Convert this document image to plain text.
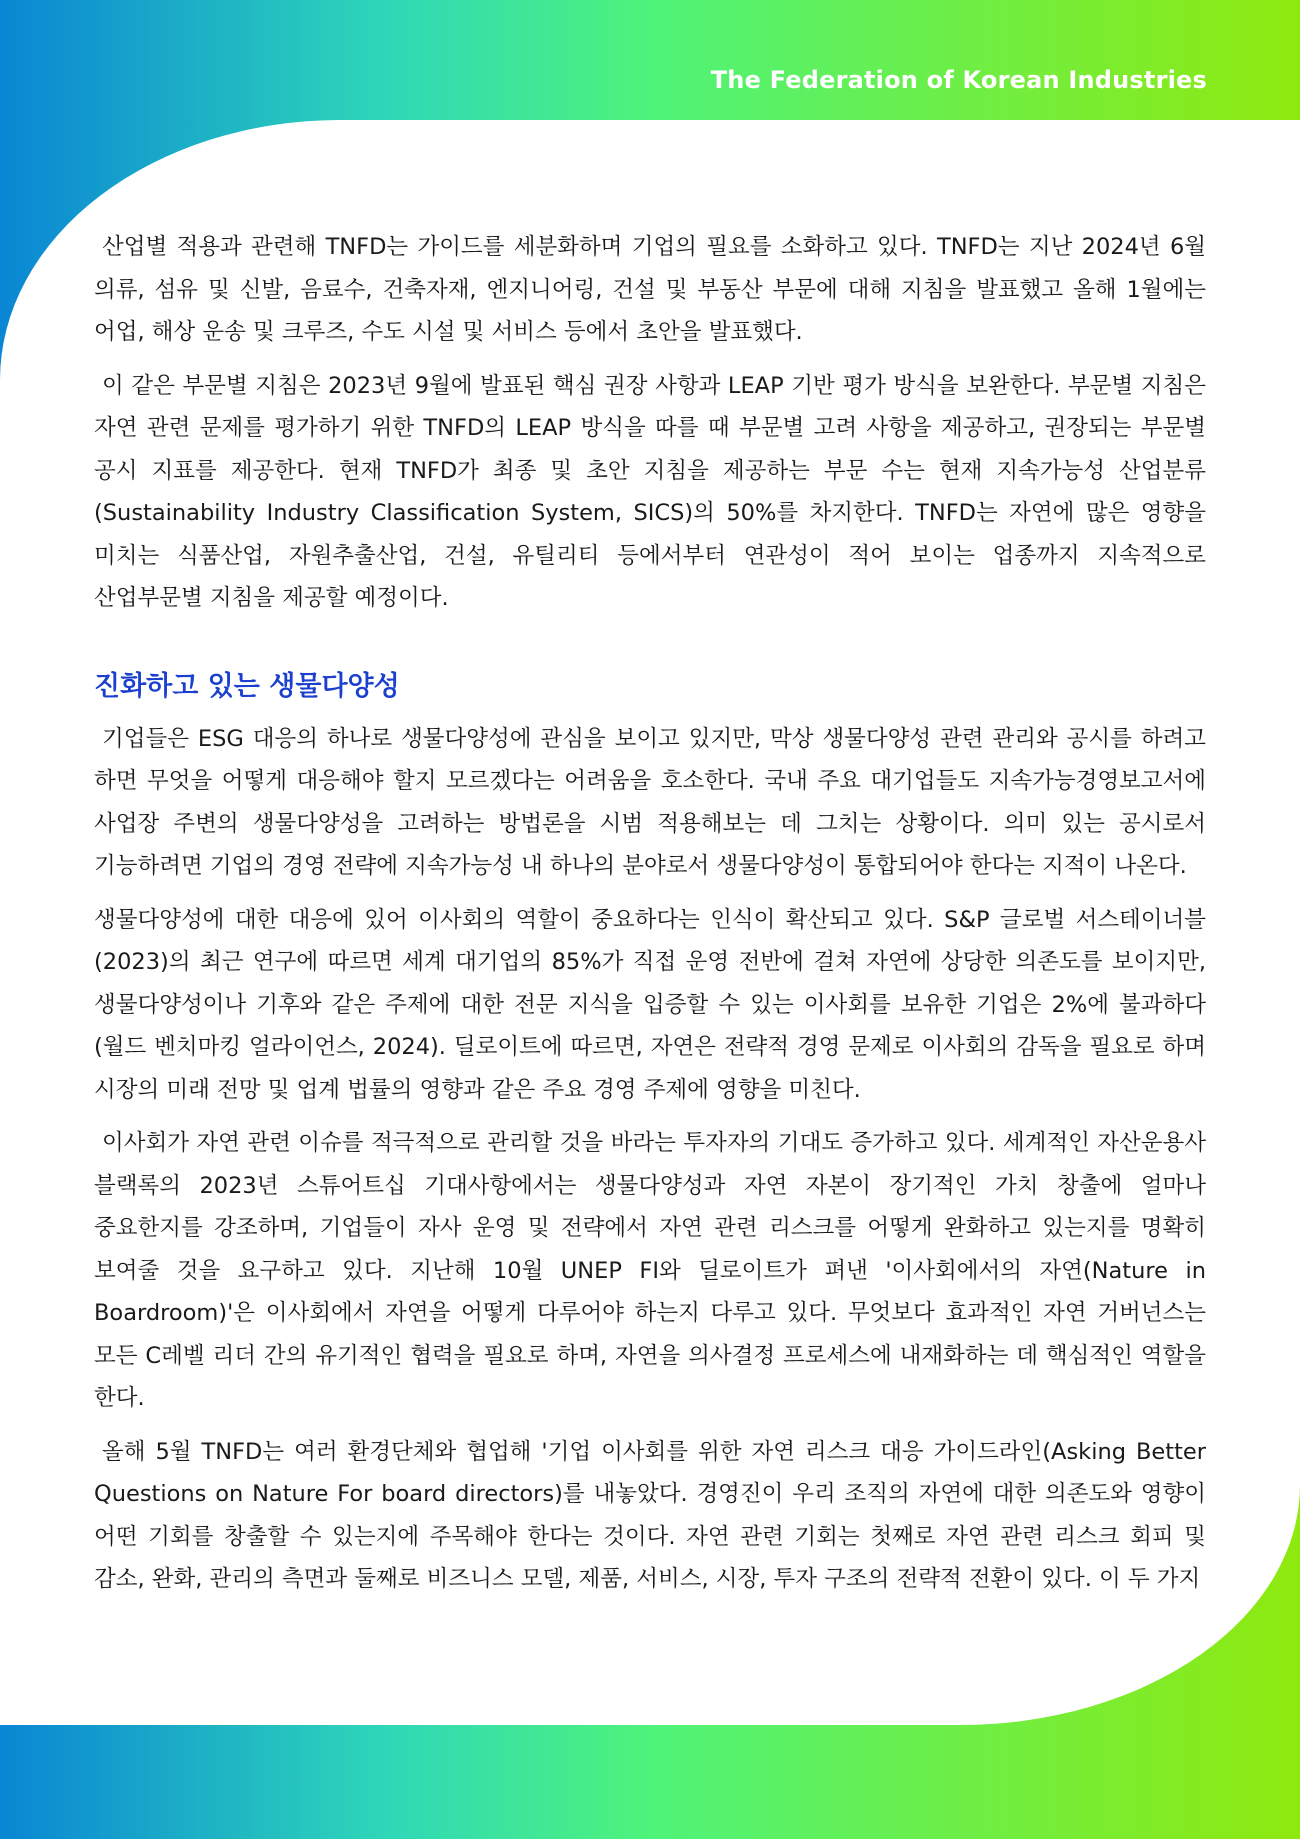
The Federation of Korean Industries

산업별 적용과 관련해 TNFD는 가이드를 세분화하며 기업의 필요를 소화하고 있다. TNFD는 지난 2024년 6월 의류, 섬유 및 신발, 음료수, 건축자재, 엔지니어링, 건설 및 부동산 부문에 대해 지침을 발표했고 올해 1월에는 어업, 해상 운송 및 크루즈, 수도 시설 및 서비스 등에서 초안을 발표했다.

이 같은 부문별 지침은 2023년 9월에 발표된 핵심 권장 사항과 LEAP 기반 평가 방식을 보완한다. 부문별 지침은 자연 관련 문제를 평가하기 위한 TNFD의 LEAP 방식을 따를 때 부문별 고려 사항을 제공하고, 권장되는 부문별 공시 지표를 제공한다. 현재 TNFD가 최종 및 초안 지침을 제공하는 부문 수는 현재 지속가능성 산업분류(Sustainability Industry Classification System, SICS)의 50%를 차지한다. TNFD는 자연에 많은 영향을 미치는 식품산업, 자원추출산업, 건설, 유틸리티 등에서부터 연관성이 적어 보이는 업종까지 지속적으로 산업부문별 지침을 제공할 예정이다.

진화하고 있는 생물다양성

기업들은 ESG 대응의 하나로 생물다양성에 관심을 보이고 있지만, 막상 생물다양성 관련 관리와 공시를 하려고 하면 무엇을 어떻게 대응해야 할지 모르겠다는 어려움을 호소한다. 국내 주요 대기업들도 지속가능경영보고서에 사업장 주변의 생물다양성을 고려하는 방법론을 시범 적용해보는 데 그치는 상황이다. 의미 있는 공시로서 기능하려면 기업의 경영 전략에 지속가능성 내 하나의 분야로서 생물다양성이 통합되어야 한다는 지적이 나온다.

생물다양성에 대한 대응에 있어 이사회의 역할이 중요하다는 인식이 확산되고 있다. S&P 글로벌 서스테이너블(2023)의 최근 연구에 따르면 세계 대기업의 85%가 직접 운영 전반에 걸쳐 자연에 상당한 의존도를 보이지만, 생물다양성이나 기후와 같은 주제에 대한 전문 지식을 입증할 수 있는 이사회를 보유한 기업은 2%에 불과하다(월드 벤치마킹 얼라이언스, 2024). 딜로이트에 따르면, 자연은 전략적 경영 문제로 이사회의 감독을 필요로 하며 시장의 미래 전망 및 업계 법률의 영향과 같은 주요 경영 주제에 영향을 미친다.

이사회가 자연 관련 이슈를 적극적으로 관리할 것을 바라는 투자자의 기대도 증가하고 있다. 세계적인 자산운용사 블랙록의 2023년 스튜어트십 기대사항에서는 생물다양성과 자연 자본이 장기적인 가치 창출에 얼마나 중요한지를 강조하며, 기업들이 자사 운영 및 전략에서 자연 관련 리스크를 어떻게 완화하고 있는지를 명확히 보여줄 것을 요구하고 있다. 지난해 10월 UNEP FI와 딜로이트가 펴낸 '이사회에서의 자연(Nature in Boardroom)'은 이사회에서 자연을 어떻게 다루어야 하는지 다루고 있다. 무엇보다 효과적인 자연 거버넌스는 모든 C레벨 리더 간의 유기적인 협력을 필요로 하며, 자연을 의사결정 프로세스에 내재화하는 데 핵심적인 역할을 한다.

올해 5월 TNFD는 여러 환경단체와 협업해 '기업 이사회를 위한 자연 리스크 대응 가이드라인(Asking Better Questions on Nature For board directors)를 내놓았다. 경영진이 우리 조직의 자연에 대한 의존도와 영향이 어떤 기회를 창출할 수 있는지에 주목해야 한다는 것이다. 자연 관련 기회는 첫째로 자연 관련 리스크 회피 및 감소, 완화, 관리의 측면과 둘째로 비즈니스 모델, 제품, 서비스, 시장, 투자 구조의 전략적 전환이 있다. 이 두 가지
